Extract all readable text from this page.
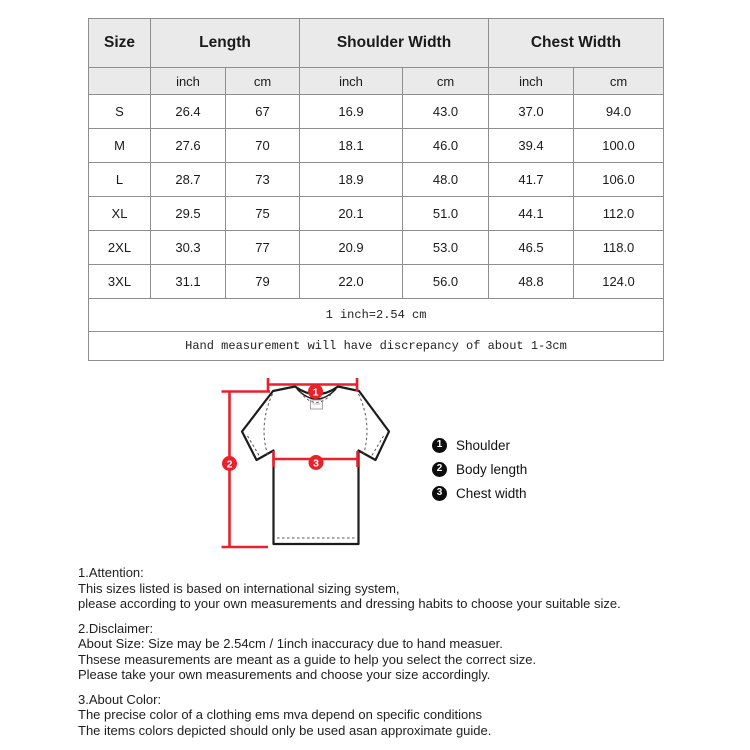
Size	Length		Shoulder Width		Chest Width	
	inch	cm	inch	cm	inch	cm
S	26.4	67	16.9	43.0	37.0	94.0
M	27.6	70	18.1	46.0	39.4	100.0
L	28.7	73	18.9	48.0	41.7	106.0
XL	29.5	75	20.1	51.0	44.1	112.0
2XL	30.3	77	20.9	53.0	46.5	118.0
3XL	31.1	79	22.0	56.0	48.8	124.0
1 inch=2.54 cm						
Hand measurement will have discrepancy of about 1-3cm						
1
2	3
1	Shoulder
2	Body length
3	Chest width
1.Attention:
This sizes listed is based on international sizing system,
please according to your own measurements and dressing habits to choose your suitable size.
2.Disclaimer:
About Size: Size may be 2.54cm / 1inch inaccuracy due to hand measuer.
Thsese measurements are meant as a guide to help you select the correct size.
Please take your own measurements and choose your size accordingly.
3.About Color:
The precise color of a clothing ems mva depend on specific conditions
The items colors depicted should only be used asan approximate guide.
